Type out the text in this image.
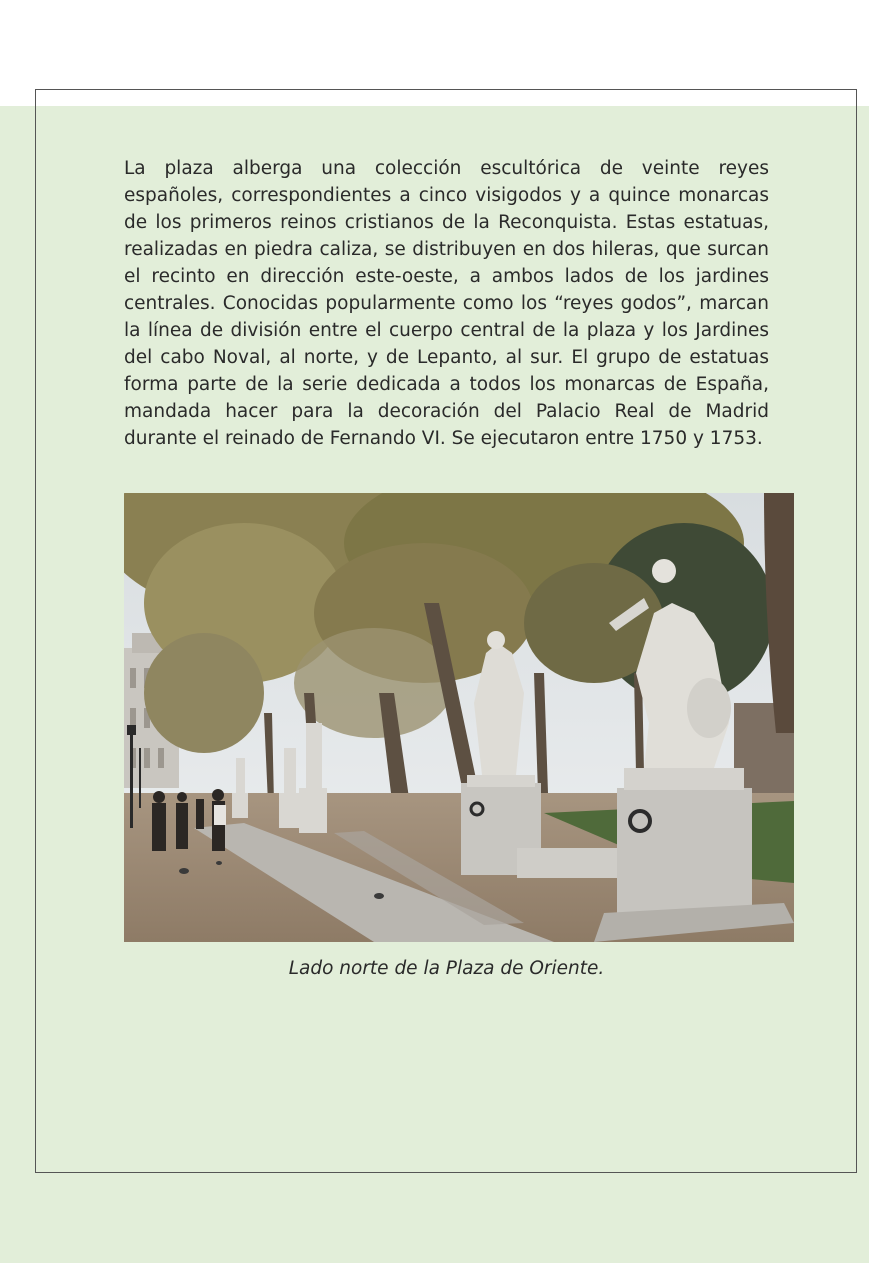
La plaza alberga una colección escultórica de veinte reyes españoles, correspondientes a cinco visigodos y a quince monarcas de los primeros reinos cristianos de la Reconquista. Estas estatuas, realizadas en piedra caliza, se distribuyen en dos hileras, que surcan el recinto en dirección este-oeste, a ambos lados de los jardines centrales. Conocidas popularmente como los “reyes godos”, marcan la línea de división entre el cuerpo central de la plaza y los Jardines del cabo Noval, al norte, y de Lepanto, al sur. El grupo de estatuas forma parte de la serie dedicada a todos los monarcas de España, mandada hacer para la decoración del Palacio Real de Madrid durante el reinado de Fernando VI. Se ejecutaron entre 1750 y 1753.

Lado norte de la Plaza de Oriente.
